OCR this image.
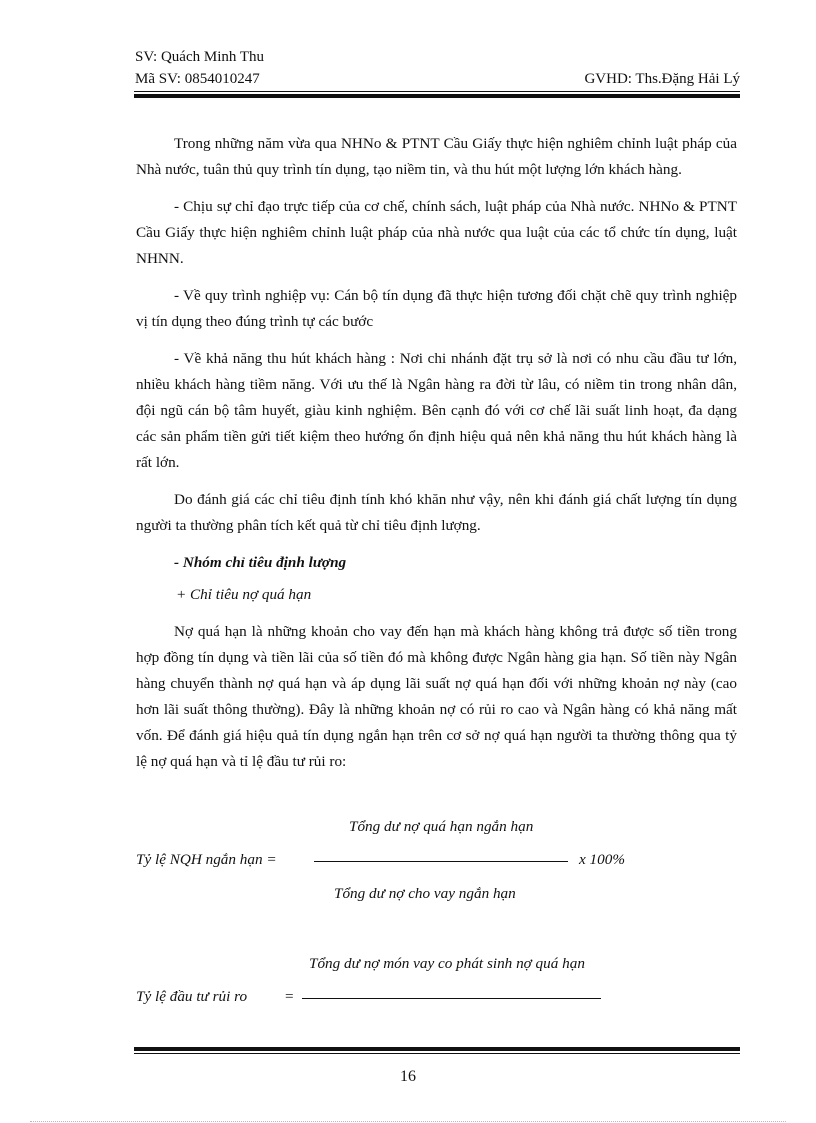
SV: Quách Minh Thu
Mã SV: 0854010247	GVHD: Ths.Đặng Hải Lý

Trong những năm vừa qua NHNo & PTNT Cầu Giấy thực hiện nghiêm chỉnh luật pháp của Nhà nước, tuân thủ quy trình tín dụng, tạo niềm tin, và thu hút một lượng lớn khách hàng.

- Chịu sự chỉ đạo trực tiếp của cơ chế, chính sách, luật pháp của Nhà nước. NHNo & PTNT Cầu Giấy thực hiện nghiêm chỉnh luật pháp của nhà nước qua luật của các tổ chức tín dụng, luật NHNN.

- Về quy trình nghiệp vụ: Cán bộ tín dụng đã thực hiện tương đối chặt chẽ quy trình nghiệp vị tín dụng theo đúng trình tự các bước

- Về khả năng thu hút khách hàng : Nơi chi nhánh đặt trụ sở là nơi có nhu cầu đầu tư lớn, nhiều khách hàng tiềm năng. Với ưu thế là Ngân hàng ra đời từ lâu, có niềm tin trong nhân dân, đội ngũ cán bộ tâm huyết, giàu kinh nghiệm. Bên cạnh đó với cơ chế lãi suất linh hoạt, đa dạng các sản phẩm tiền gửi tiết kiệm theo hướng ổn định hiệu quả nên khả năng thu hút khách hàng là rất lớn.

Do đánh giá các chỉ tiêu định tính khó khăn như vậy, nên khi đánh giá chất lượng tín dụng người ta thường phân tích kết quả từ chỉ tiêu định lượng.

- Nhóm chỉ tiêu định lượng

+ Chỉ tiêu nợ quá hạn

Nợ quá hạn là những khoản cho vay đến hạn mà khách hàng không trả được số tiền trong hợp đồng tín dụng và tiền lãi của số tiền đó mà không được Ngân hàng gia hạn. Số tiền này Ngân hàng chuyển thành nợ quá hạn và áp dụng lãi suất nợ quá hạn đối với những khoản nợ này (cao hơn lãi suất thông thường). Đây là những khoản nợ có rủi ro cao và Ngân hàng có khả năng mất vốn. Để đánh giá hiệu quả tín dụng ngắn hạn trên cơ sở nợ quá hạn người ta thường thông qua tỷ lệ nợ quá hạn và tỉ lệ đầu tư rủi ro:

Tổng dư nợ quá hạn ngắn hạn
Tỷ lệ NQH ngắn hạn =	x 100%
Tổng dư nợ cho vay ngắn hạn
Tổng dư nợ món vay co phát sinh nợ quá hạn
Tỷ lệ đầu tư rủi ro =
16
